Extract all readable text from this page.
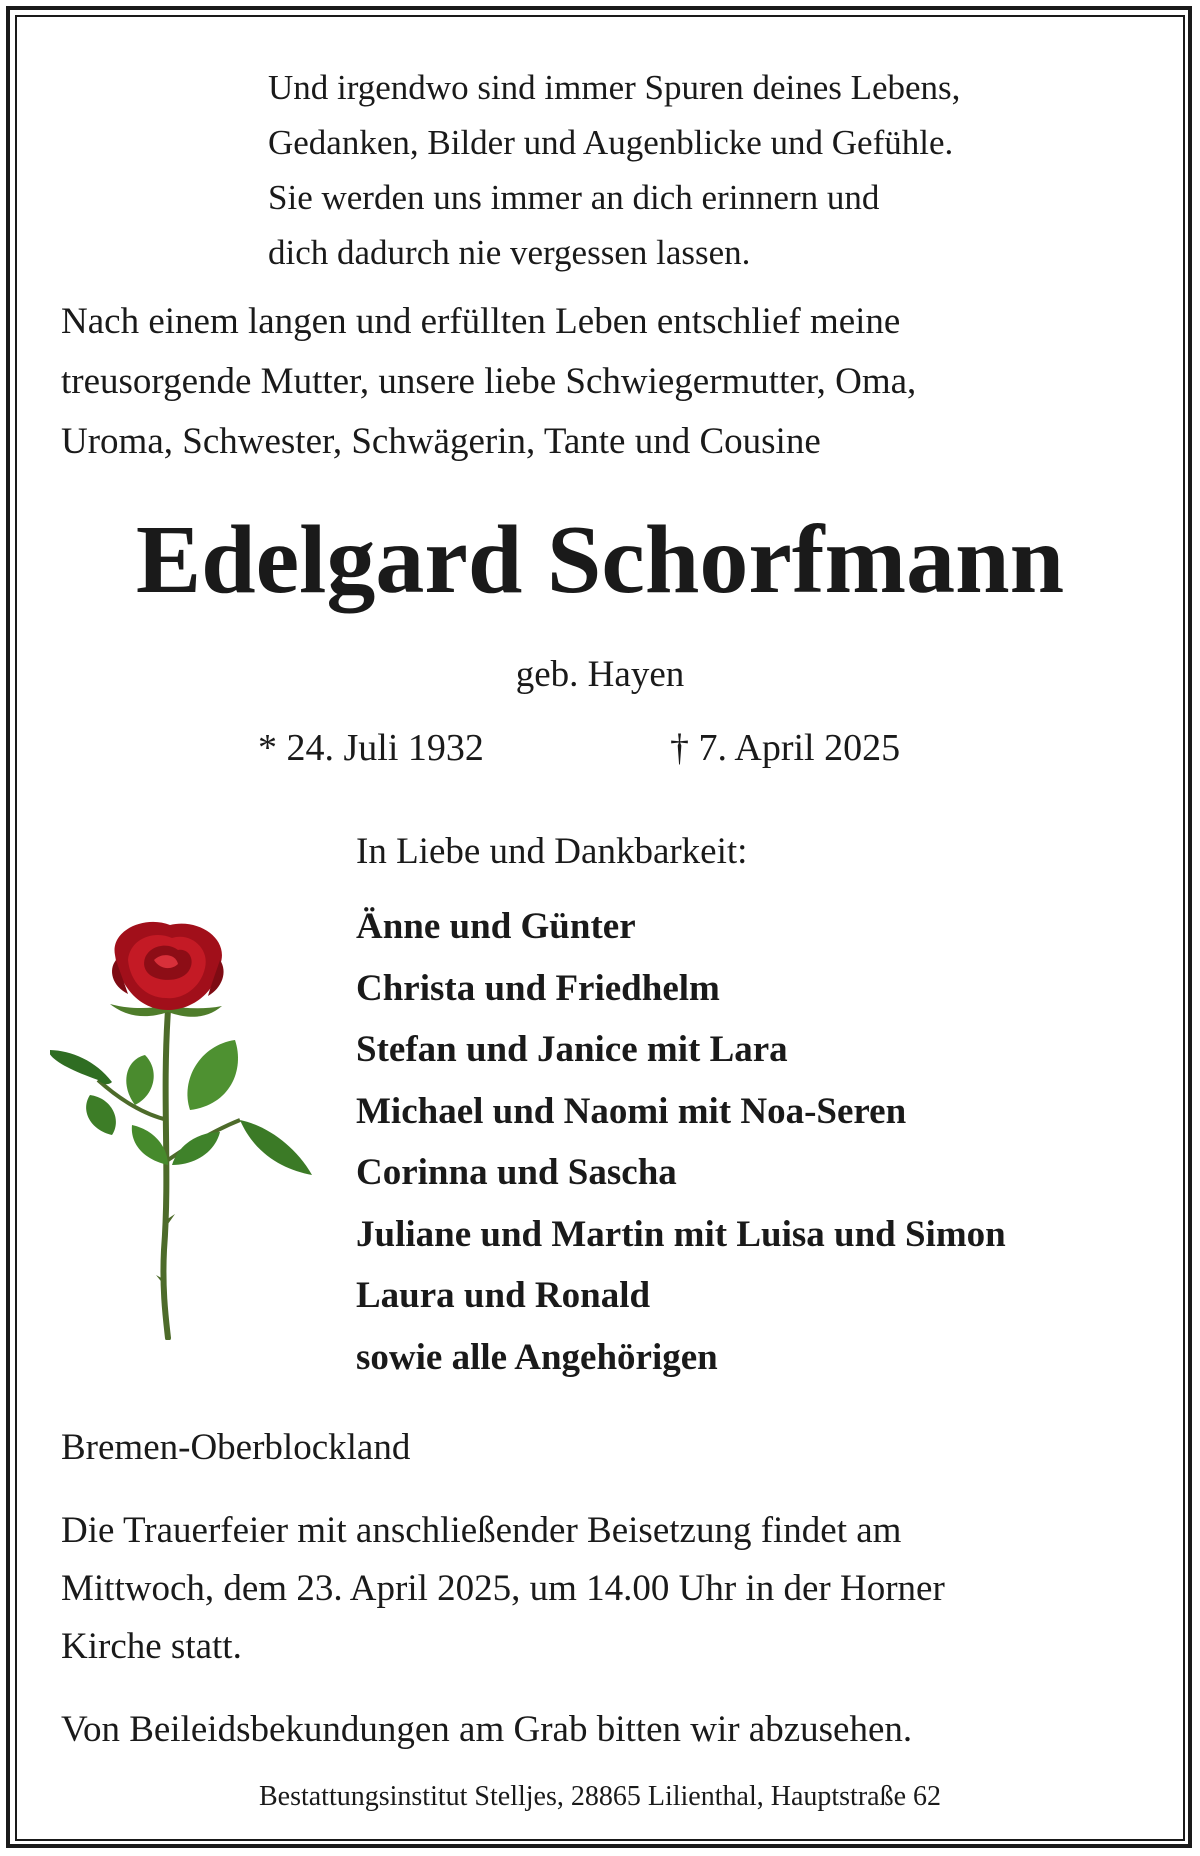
Und irgendwo sind immer Spuren deines Lebens,
Gedanken, Bilder und Augenblicke und Gefühle.
Sie werden uns immer an dich erinnern und
dich dadurch nie vergessen lassen.
Nach einem langen und erfüllten Leben entschlief meine
treusorgende Mutter, unsere liebe Schwiegermutter, Oma,
Uroma, Schwester, Schwägerin, Tante und Cousine
Edelgard Schorfmann
geb. Hayen
* 24. Juli 1932	† 7. April 2025
In Liebe und Dankbarkeit:
Änne und Günter
Christa und Friedhelm
Stefan und Janice mit Lara
Michael und Naomi mit Noa-Seren
Corinna und Sascha
Juliane und Martin mit Luisa und Simon
Laura und Ronald
sowie alle Angehörigen
Bremen-Oberblockland
Die Trauerfeier mit anschließender Beisetzung findet am
Mittwoch, dem 23. April 2025, um 14.00 Uhr in der Horner
Kirche statt.
Von Beileidsbekundungen am Grab bitten wir abzusehen.
Bestattungsinstitut Stelljes, 28865 Lilienthal, Hauptstraße 62
